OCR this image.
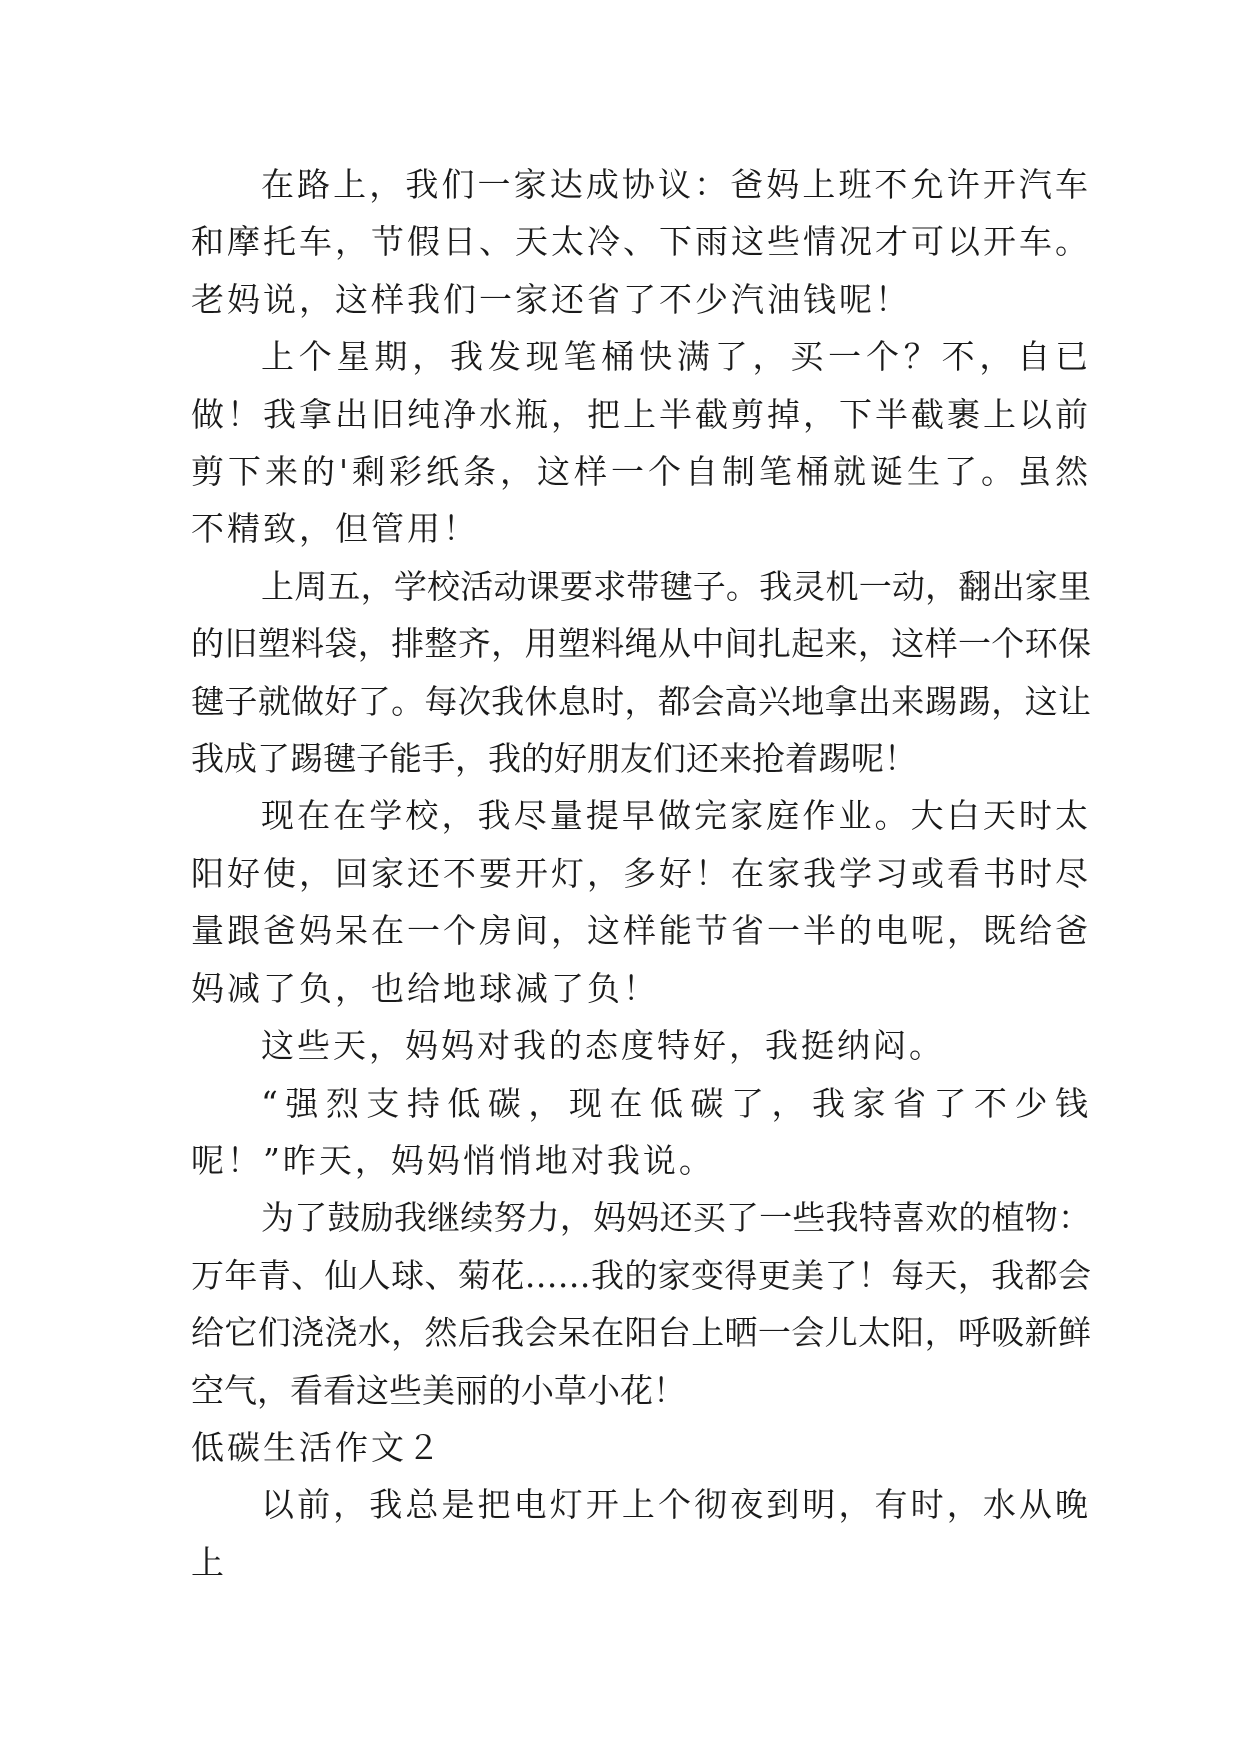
在路上，我们一家达成协议：爸妈上班不允许开汽车和摩托车，节假日、天太冷、下雨这些情况才可以开车。老妈说，这样我们一家还省了不少汽油钱呢！

上个星期，我发现笔桶快满了，买一个？不，自已做！我拿出旧纯净水瓶，把上半截剪掉，下半截裹上以前剪下来的'剩彩纸条，这样一个自制笔桶就诞生了。虽然不精致，但管用！

上周五，学校活动课要求带毽子。我灵机一动，翻出家里的旧塑料袋，排整齐，用塑料绳从中间扎起来，这样一个环保毽子就做好了。每次我休息时，都会高兴地拿出来踢踢，这让我成了踢毽子能手，我的好朋友们还来抢着踢呢！

现在在学校，我尽量提早做完家庭作业。大白天时太阳好使，回家还不要开灯，多好！在家我学习或看书时尽量跟爸妈呆在一个房间，这样能节省一半的电呢，既给爸妈减了负，也给地球减了负！

这些天，妈妈对我的态度特好，我挺纳闷。

“强烈支持低碳，现在低碳了，我家省了不少钱呢！”昨天，妈妈悄悄地对我说。

为了鼓励我继续努力，妈妈还买了一些我特喜欢的植物：万年青、仙人球、菊花……我的家变得更美了！每天，我都会给它们浇浇水，然后我会呆在阳台上晒一会儿太阳，呼吸新鲜空气，看看这些美丽的小草小花！

低碳生活作文２

以前，我总是把电灯开上个彻夜到明，有时，水从晚上
